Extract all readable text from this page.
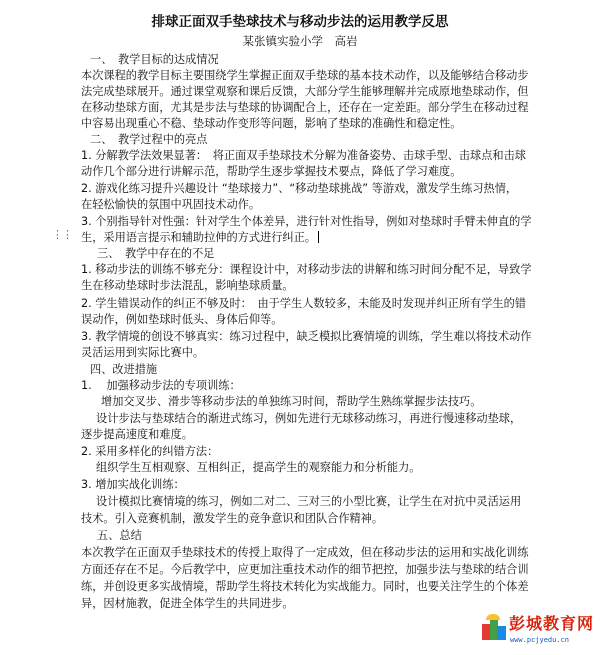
排球正面双手垫球技术与移动步法的运用教学反思
某张镇实验小学　高岩
一、　教学目标的达成情况
本次课程的教学目标主要围绕学生掌握正面双手垫球的基本技术动作，以及能够结合移动步
法完成垫球展开。通过课堂观察和课后反馈，大部分学生能够理解并完成原地垫球动作，但
在移动垫球方面，尤其是步法与垫球的协调配合上，还存在一定差距。部分学生在移动过程
中容易出现重心不稳、垫球动作变形等问题，影响了垫球的准确性和稳定性。
二、　教学过程中的亮点
1. 分解教学法效果显著：　将正面双手垫球技术分解为准备姿势、击球手型、击球点和击球
动作几个部分进行讲解示范，帮助学生逐步掌握技术要点，降低了学习难度。
2. 游戏化练习提升兴趣设计 “垫球接力”、“移动垫球挑战” 等游戏，激发学生练习热情，
在轻松愉快的氛围中巩固技术动作。
3. 个别指导针对性强：针对学生个体差异，进行针对性指导，例如对垫球时手臂未伸直的学
生，采用语言提示和辅助拉伸的方式进行纠正。
⋮⋮
三、　教学中存在的不足
1. 移动步法的训练不够充分：课程设计中，对移动步法的讲解和练习时间分配不足，导致学
生在移动垫球时步法混乱，影响垫球质量。
2. 学生错误动作的纠正不够及时：　由于学生人数较多，未能及时发现并纠正所有学生的错
误动作，例如垫球时低头、身体后仰等。
3. 教学情境的创设不够真实：练习过程中，缺乏模拟比赛情境的训练，学生难以将技术动作
灵活运用到实际比赛中。
四、改进措施
1.　 加强移动步法的专项训练：
增加交叉步、滑步等移动步法的单独练习时间，帮助学生熟练掌握步法技巧。
设计步法与垫球结合的渐进式练习，例如先进行无球移动练习，再进行慢速移动垫球，
逐步提高速度和难度。
2. 采用多样化的纠错方法：
组织学生互相观察、互相纠正，提高学生的观察能力和分析能力。
3. 增加实战化训练：
设计模拟比赛情境的练习，例如二对二、三对三的小型比赛，让学生在对抗中灵活运用
技术。引入竞赛机制，激发学生的竞争意识和团队合作精神。
五、总结
本次教学在正面双手垫球技术的传授上取得了一定成效，但在移动步法的运用和实战化训练
方面还存在不足。今后教学中，应更加注重技术动作的细节把控，加强步法与垫球的结合训
练，并创设更多实战情境，帮助学生将技术转化为实战能力。同时，也要关注学生的个体差
异，因材施教，促进全体学生的共同进步。
彭城教育网
www.pcjyedu.cn
